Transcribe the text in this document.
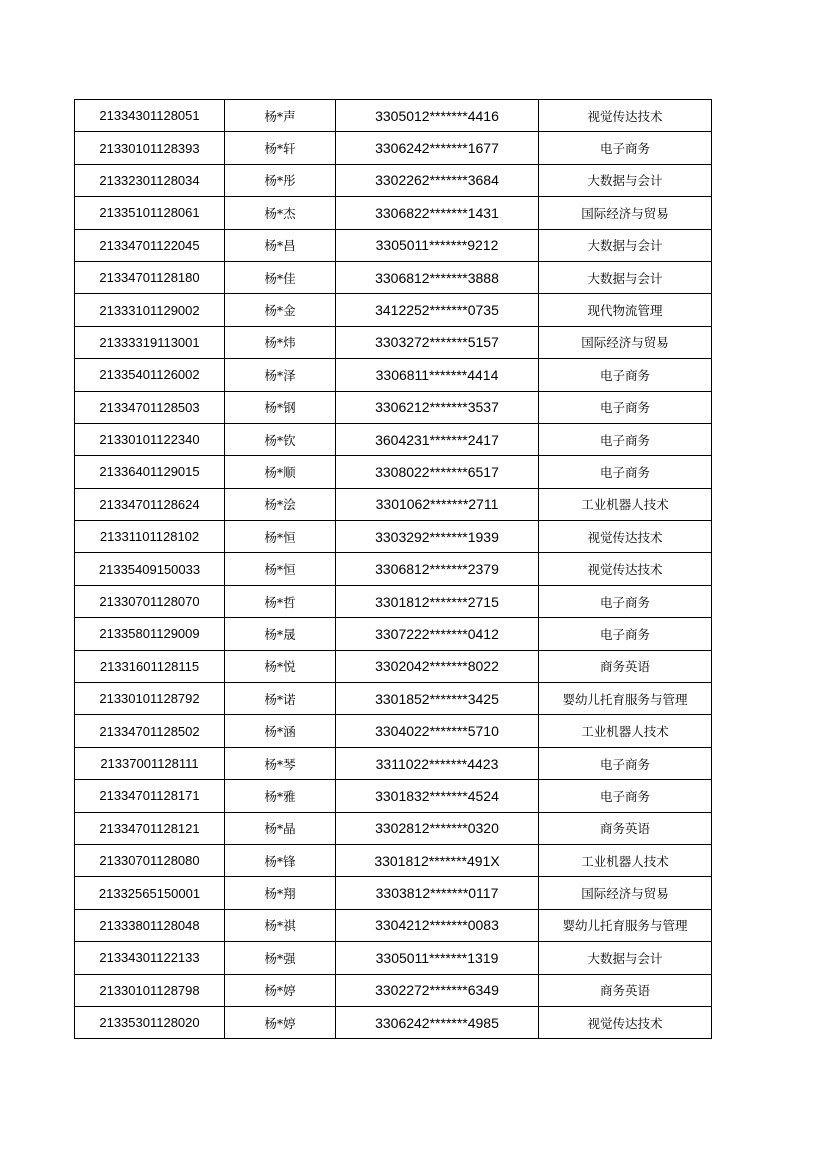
21334301128051	杨*声	3305012*******4416	视觉传达技术
21330101128393	杨*轩	3306242*******1677	电子商务
21332301128034	杨*彤	3302262*******3684	大数据与会计
21335101128061	杨*杰	3306822*******1431	国际经济与贸易
21334701122045	杨*昌	3305011*******9212	大数据与会计
21334701128180	杨*佳	3306812*******3888	大数据与会计
21333101129002	杨*金	3412252*******0735	现代物流管理
21333319113001	杨*炜	3303272*******5157	国际经济与贸易
21335401126002	杨*泽	3306811*******4414	电子商务
21334701128503	杨*钢	3306212*******3537	电子商务
21330101122340	杨*钦	3604231*******2417	电子商务
21336401129015	杨*顺	3308022*******6517	电子商务
21334701128624	杨*浍	3301062*******2711	工业机器人技术
21331101128102	杨*恒	3303292*******1939	视觉传达技术
21335409150033	杨*恒	3306812*******2379	视觉传达技术
21330701128070	杨*哲	3301812*******2715	电子商务
21335801129009	杨*晟	3307222*******0412	电子商务
21331601128115	杨*悦	3302042*******8022	商务英语
21330101128792	杨*诺	3301852*******3425	婴幼儿托育服务与管理
21334701128502	杨*涵	3304022*******5710	工业机器人技术
21337001128111	杨*琴	3311022*******4423	电子商务
21334701128171	杨*雅	3301832*******4524	电子商务
21334701128121	杨*晶	3302812*******0320	商务英语
21330701128080	杨*锋	3301812*******491X	工业机器人技术
21332565150001	杨*翔	3303812*******0117	国际经济与贸易
21333801128048	杨*祺	3304212*******0083	婴幼儿托育服务与管理
21334301122133	杨*强	3305011*******1319	大数据与会计
21330101128798	杨*婷	3302272*******6349	商务英语
21335301128020	杨*婷	3306242*******4985	视觉传达技术
